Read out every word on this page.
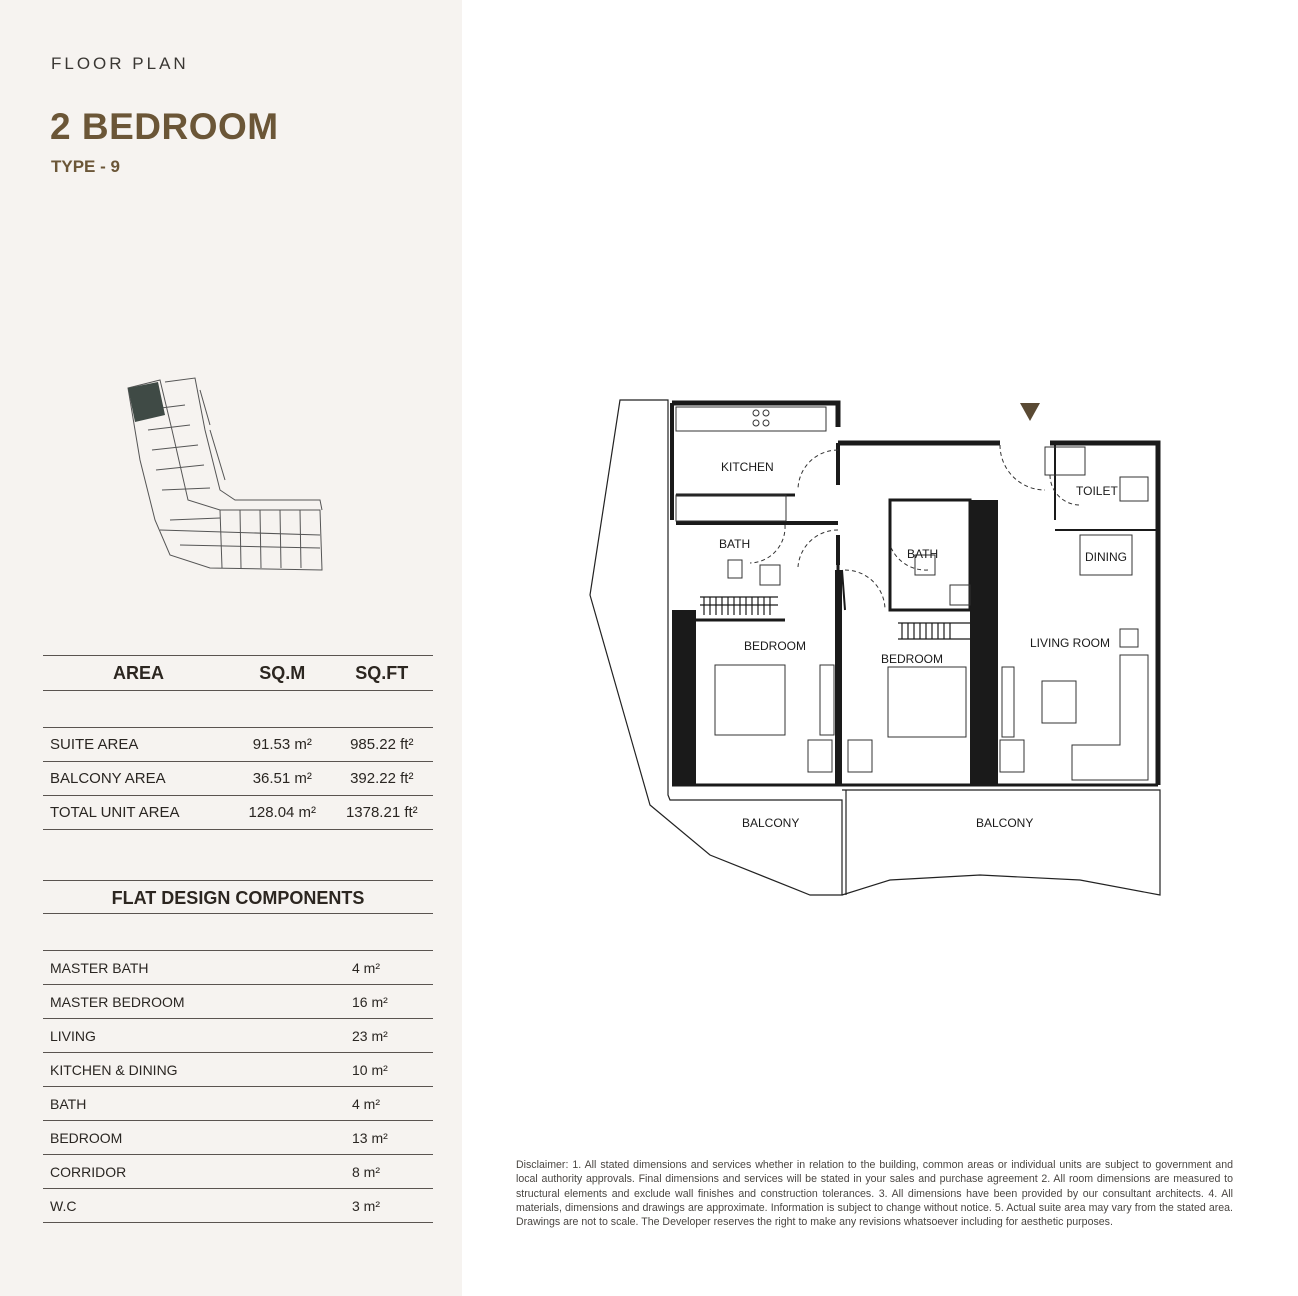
FLOOR PLAN
2 BEDROOM
TYPE - 9
AREA	SQ.M	SQ.FT

SUITE AREA	91.53 m²	985.22 ft²
BALCONY AREA	36.51 m²	392.22 ft²
TOTAL UNIT AREA	128.04 m²	1378.21 ft²
FLAT DESIGN COMPONENTS
MASTER BATH	4 m²
MASTER BEDROOM	16 m²
LIVING	23 m²
KITCHEN & DINING	10 m²
BATH	4 m²
BEDROOM	13 m²
CORRIDOR	8 m²
W.C	3 m²
KITCHEN
BATH
BATH
TOILET
DINING
BEDROOM
BEDROOM
LIVING ROOM
BALCONY	BALCONY
Disclaimer: 1. All stated dimensions and services whether in relation to the building, common areas or individual units are subject to government and local authority approvals. Final dimensions and services will be stated in your sales and purchase agreement 2. All room dimensions are measured to structural elements and exclude wall finishes and construction tolerances. 3. All dimensions have been provided by our consultant architects. 4. All materials, dimensions and drawings are approximate. Information is subject to change without notice. 5. Actual suite area may vary from the stated area. Drawings are not to scale. The Developer reserves the right to make any revisions whatsoever including for aesthetic purposes.
